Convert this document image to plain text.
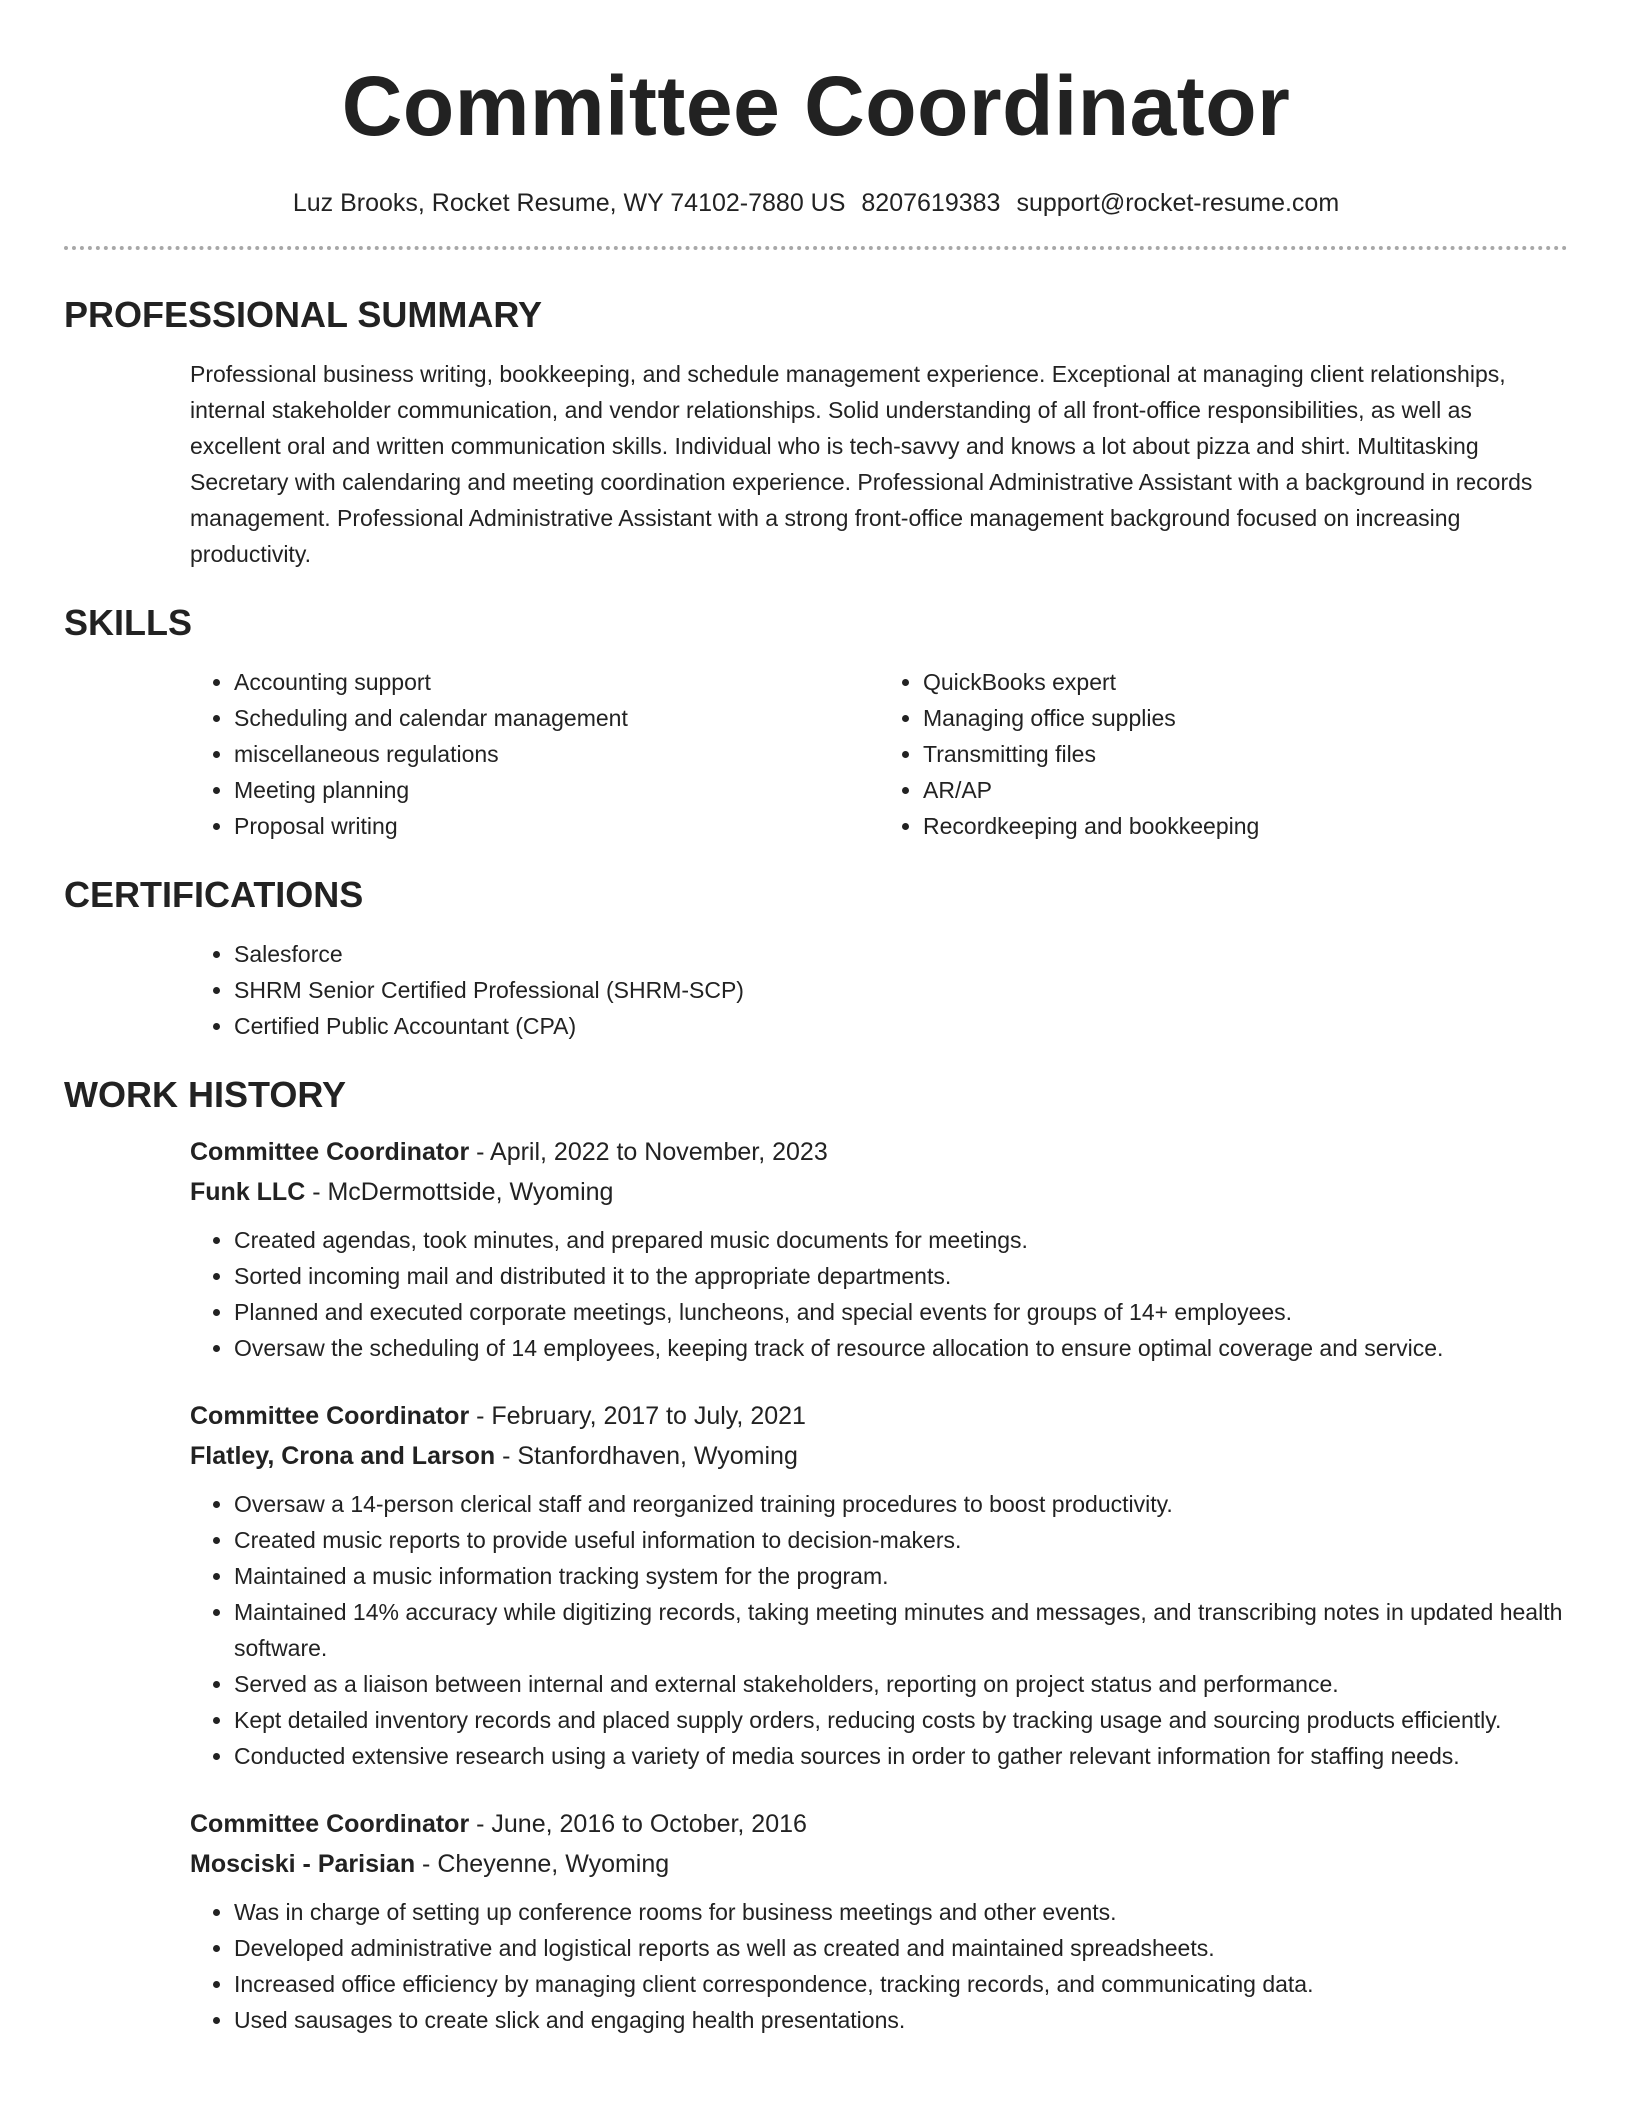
Committee Coordinator
Luz Brooks, Rocket Resume, WY 74102-7880 US 8207619383 support@rocket-resume.com
PROFESSIONAL SUMMARY

Professional business writing, bookkeeping, and schedule management experience. Exceptional at managing client relationships, internal stakeholder communication, and vendor relationships. Solid understanding of all front-office responsibilities, as well as excellent oral and written communication skills. Individual who is tech-savvy and knows a lot about pizza and shirt. Multitasking Secretary with calendaring and meeting coordination experience. Professional Administrative Assistant with a background in records management. Professional Administrative Assistant with a strong front-office management background focused on increasing productivity.

SKILLS
• Accounting support
• Scheduling and calendar management
• miscellaneous regulations
• Meeting planning
• Proposal writing
• QuickBooks expert
• Managing office supplies
• Transmitting files
• AR/AP
• Recordkeeping and bookkeeping
CERTIFICATIONS
• Salesforce
• SHRM Senior Certified Professional (SHRM-SCP)
• Certified Public Accountant (CPA)
WORK HISTORY
Committee Coordinator - April, 2022 to November, 2023
Funk LLC - McDermottside, Wyoming
• Created agendas, took minutes, and prepared music documents for meetings.
• Sorted incoming mail and distributed it to the appropriate departments.
• Planned and executed corporate meetings, luncheons, and special events for groups of 14+ employees.
• Oversaw the scheduling of 14 employees, keeping track of resource allocation to ensure optimal coverage and service.
Committee Coordinator - February, 2017 to July, 2021
Flatley, Crona and Larson - Stanfordhaven, Wyoming
• Oversaw a 14-person clerical staff and reorganized training procedures to boost productivity.
• Created music reports to provide useful information to decision-makers.
• Maintained a music information tracking system for the program.
• Maintained 14% accuracy while digitizing records, taking meeting minutes and messages, and transcribing notes in updated health software.
• Served as a liaison between internal and external stakeholders, reporting on project status and performance.
• Kept detailed inventory records and placed supply orders, reducing costs by tracking usage and sourcing products efficiently.
• Conducted extensive research using a variety of media sources in order to gather relevant information for staffing needs.
Committee Coordinator - June, 2016 to October, 2016
Mosciski - Parisian - Cheyenne, Wyoming
• Was in charge of setting up conference rooms for business meetings and other events.
• Developed administrative and logistical reports as well as created and maintained spreadsheets.
• Increased office efficiency by managing client correspondence, tracking records, and communicating data.
• Used sausages to create slick and engaging health presentations.
